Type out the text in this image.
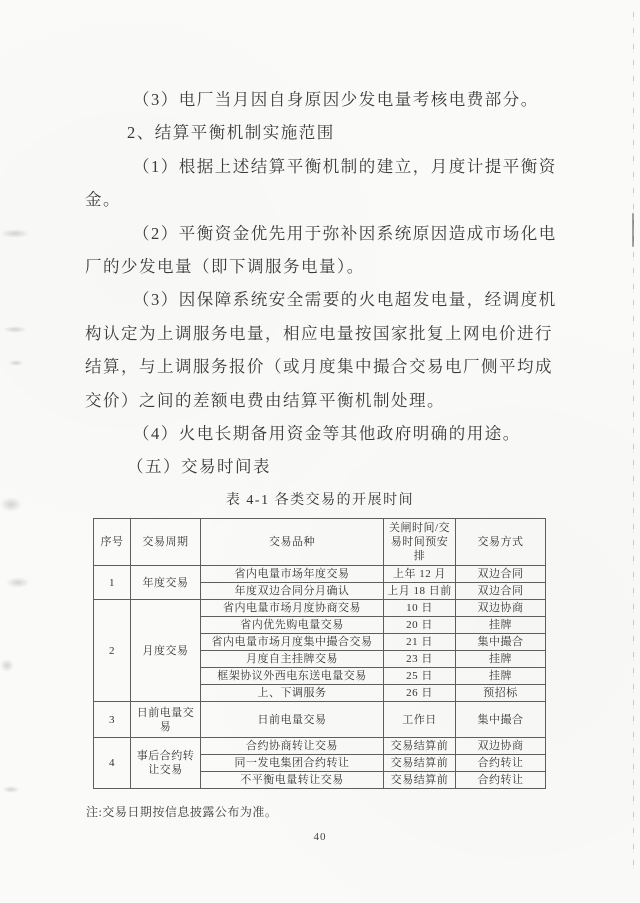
（3）电厂当月因自身原因少发电量考核电费部分。
2、结算平衡机制实施范围
（1）根据上述结算平衡机制的建立，月度计提平衡资
金。
（2）平衡资金优先用于弥补因系统原因造成市场化电
厂的少发电量（即下调服务电量）。
（3）因保障系统安全需要的火电超发电量，经调度机
构认定为上调服务电量，相应电量按国家批复上网电价进行
结算，与上调服务报价（或月度集中撮合交易电厂侧平均成
交价）之间的差额电费由结算平衡机制处理。
（4）火电长期备用资金等其他政府明确的用途。
（五）交易时间表
表 4-1 各类交易的开展时间
序号	交易周期	交易品种	关闸时间/交易时间预安排	交易方式
1	年度交易	省内电量市场年度交易	上年 12 月	双边合同
		年度双边合同分月确认	上月 18 日前	双边合同
2	月度交易	省内电量市场月度协商交易	10 日	双边协商
		省内优先购电量交易	20 日	挂牌
		省内电量市场月度集中撮合交易	21 日	集中撮合
		月度自主挂牌交易	23 日	挂牌
		框架协议外西电东送电量交易	25 日	挂牌
		上、下调服务	26 日	预招标
3	日前电量交易	日前电量交易	工作日	集中撮合
4	事后合约转让交易	合约协商转让交易	交易结算前	双边协商
		同一发电集团合约转让	交易结算前	合约转让
		不平衡电量转让交易	交易结算前	合约转让
注:交易日期按信息披露公布为准。
40
